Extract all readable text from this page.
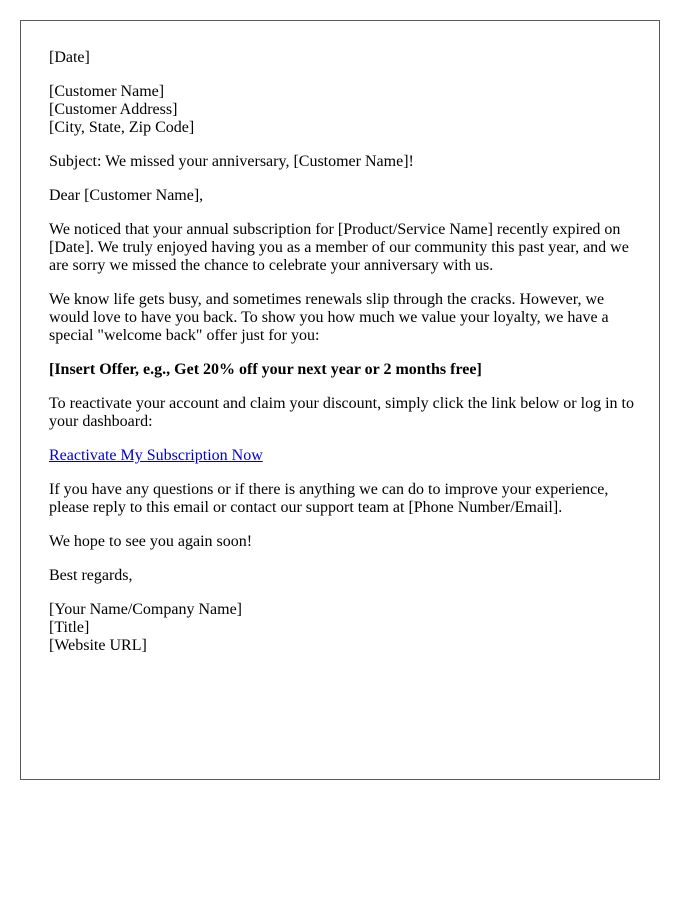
[Date]

[Customer Name]
[Customer Address]
[City, State, Zip Code]

Subject: We missed your anniversary, [Customer Name]!

Dear [Customer Name],

We noticed that your annual subscription for [Product/Service Name] recently expired on [Date]. We truly enjoyed having you as a member of our community this past year, and we are sorry we missed the chance to celebrate your anniversary with us.

We know life gets busy, and sometimes renewals slip through the cracks. However, we would love to have you back. To show you how much we value your loyalty, we have a special "welcome back" offer just for you:

[Insert Offer, e.g., Get 20% off your next year or 2 months free]

To reactivate your account and claim your discount, simply click the link below or log in to your dashboard:

Reactivate My Subscription Now

If you have any questions or if there is anything we can do to improve your experience, please reply to this email or contact our support team at [Phone Number/Email].

We hope to see you again soon!

Best regards,

[Your Name/Company Name]
[Title]
[Website URL]
